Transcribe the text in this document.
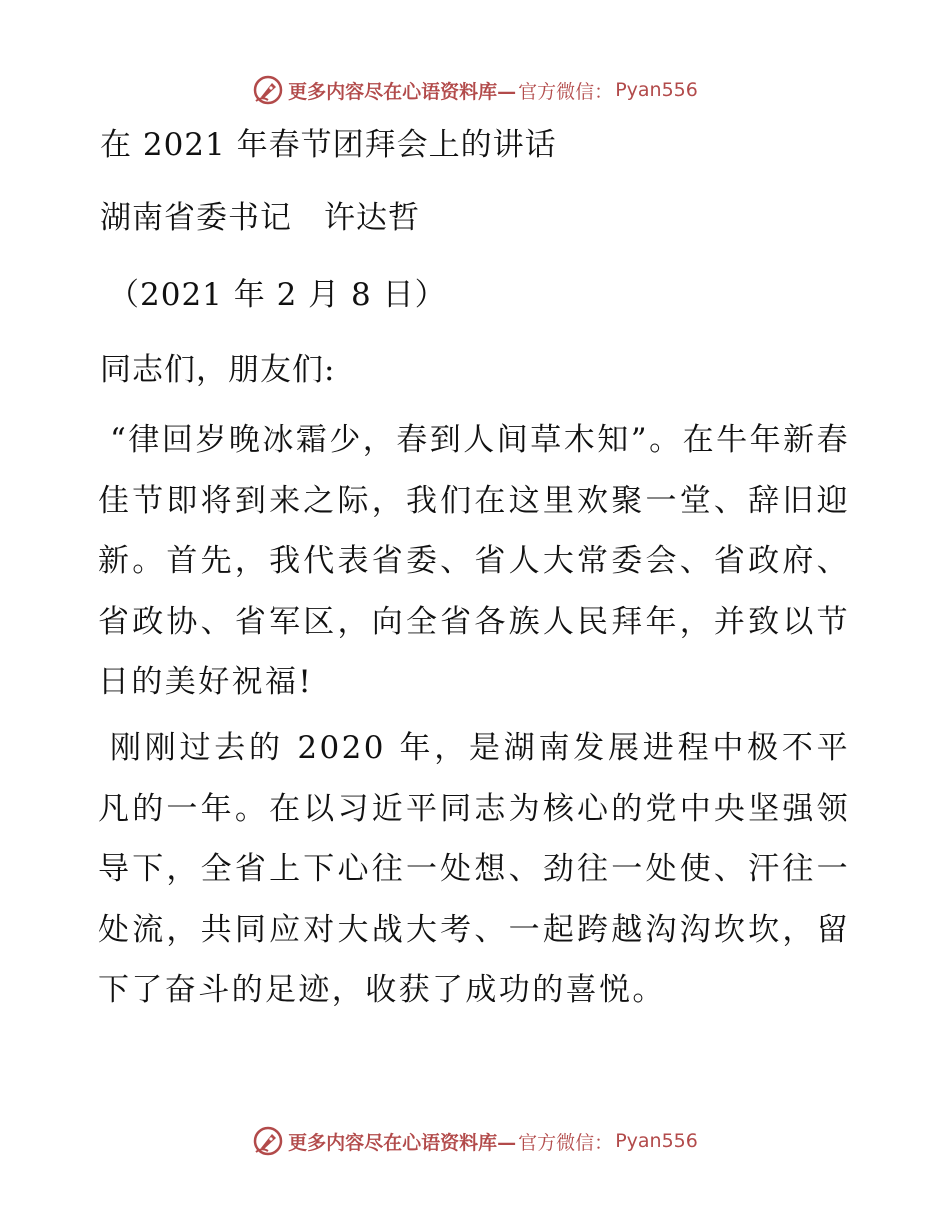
更多内容尽在心语资料库— 官方微信： Pyan556
在 2021 年春节团拜会上的讲话
湖南省委书记　许达哲
（2021 年 2 月 8 日）
同志们，朋友们:
“律回岁晚冰霜少，春到人间草木知”。在牛年新春佳节即将到来之际，我们在这里欢聚一堂、辞旧迎新。首先，我代表省委、省人大常委会、省政府、省政协、省军区，向全省各族人民拜年，并致以节日的美好祝福!
刚刚过去的 2020 年，是湖南发展进程中极不平凡的一年。在以习近平同志为核心的党中央坚强领导下，全省上下心往一处想、劲往一处使、汗往一处流，共同应对大战大考、一起跨越沟沟坎坎，留下了奋斗的足迹，收获了成功的喜悦。
更多内容尽在心语资料库— 官方微信： Pyan556
